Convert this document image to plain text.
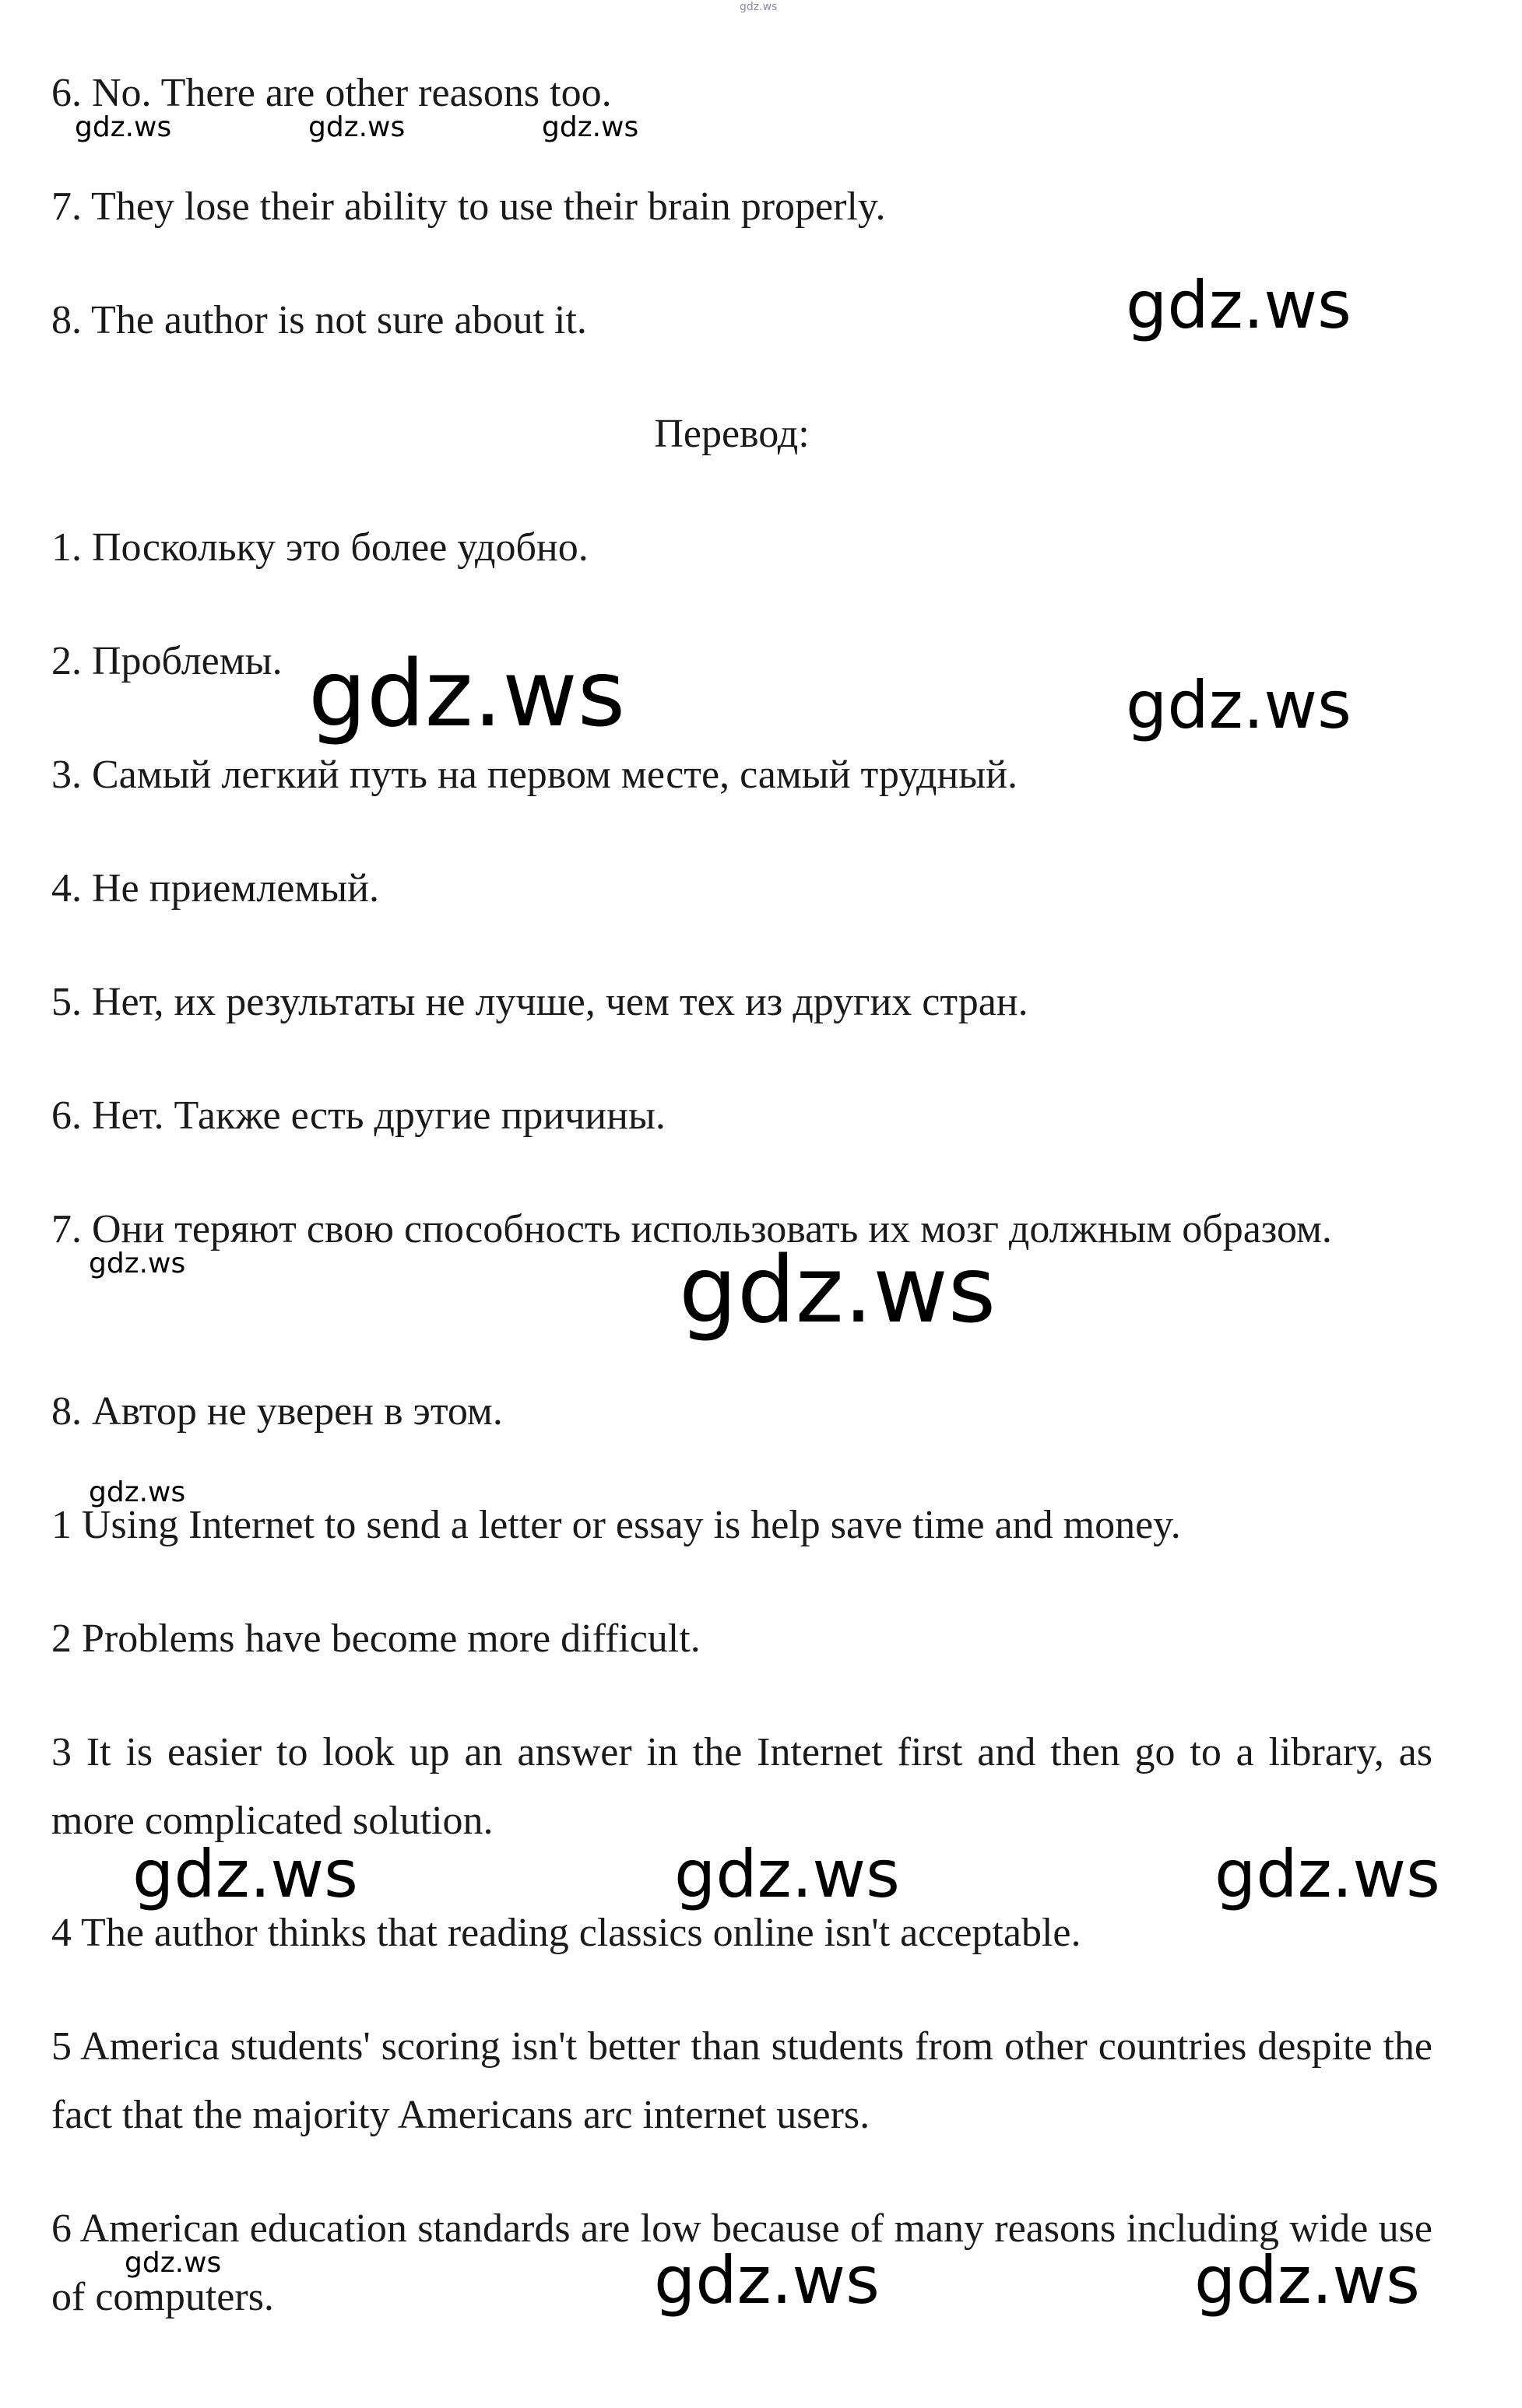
gdz.ws
6. No. There are other reasons too.
7. They lose their ability to use their brain properly.
8. The author is not sure about it.
Перевод:
1. Поскольку это более удобно.
2. Проблемы.
3. Самый легкий путь на первом месте, самый трудный.
4. Не приемлемый.
5. Нет, их результаты не лучше, чем тех из других стран.
6. Нет. Также есть другие причины.
7. Они теряют свою способность использовать их мозг должным образом.
8. Автор не уверен в этом.
1 Using Internet to send a letter or essay is help save time and money.
2 Problems have become more difficult.
3 It is easier to look up an answer in the Internet first and then go to a library, as more complicated solution.
4 The author thinks that reading classics online isn't acceptable.
5 America students' scoring isn't better than students from other countries despite the fact that the majority Americans arc internet users.
6 American education standards are low because of many reasons including wide use of computers.
gdz.ws	gdz.ws	gdz.ws
gdz.ws
gdz.ws	gdz.ws
gdz.ws	gdz.ws
gdz.ws
gdz.ws	gdz.ws	gdz.ws
gdz.ws	gdz.ws	gdz.ws
